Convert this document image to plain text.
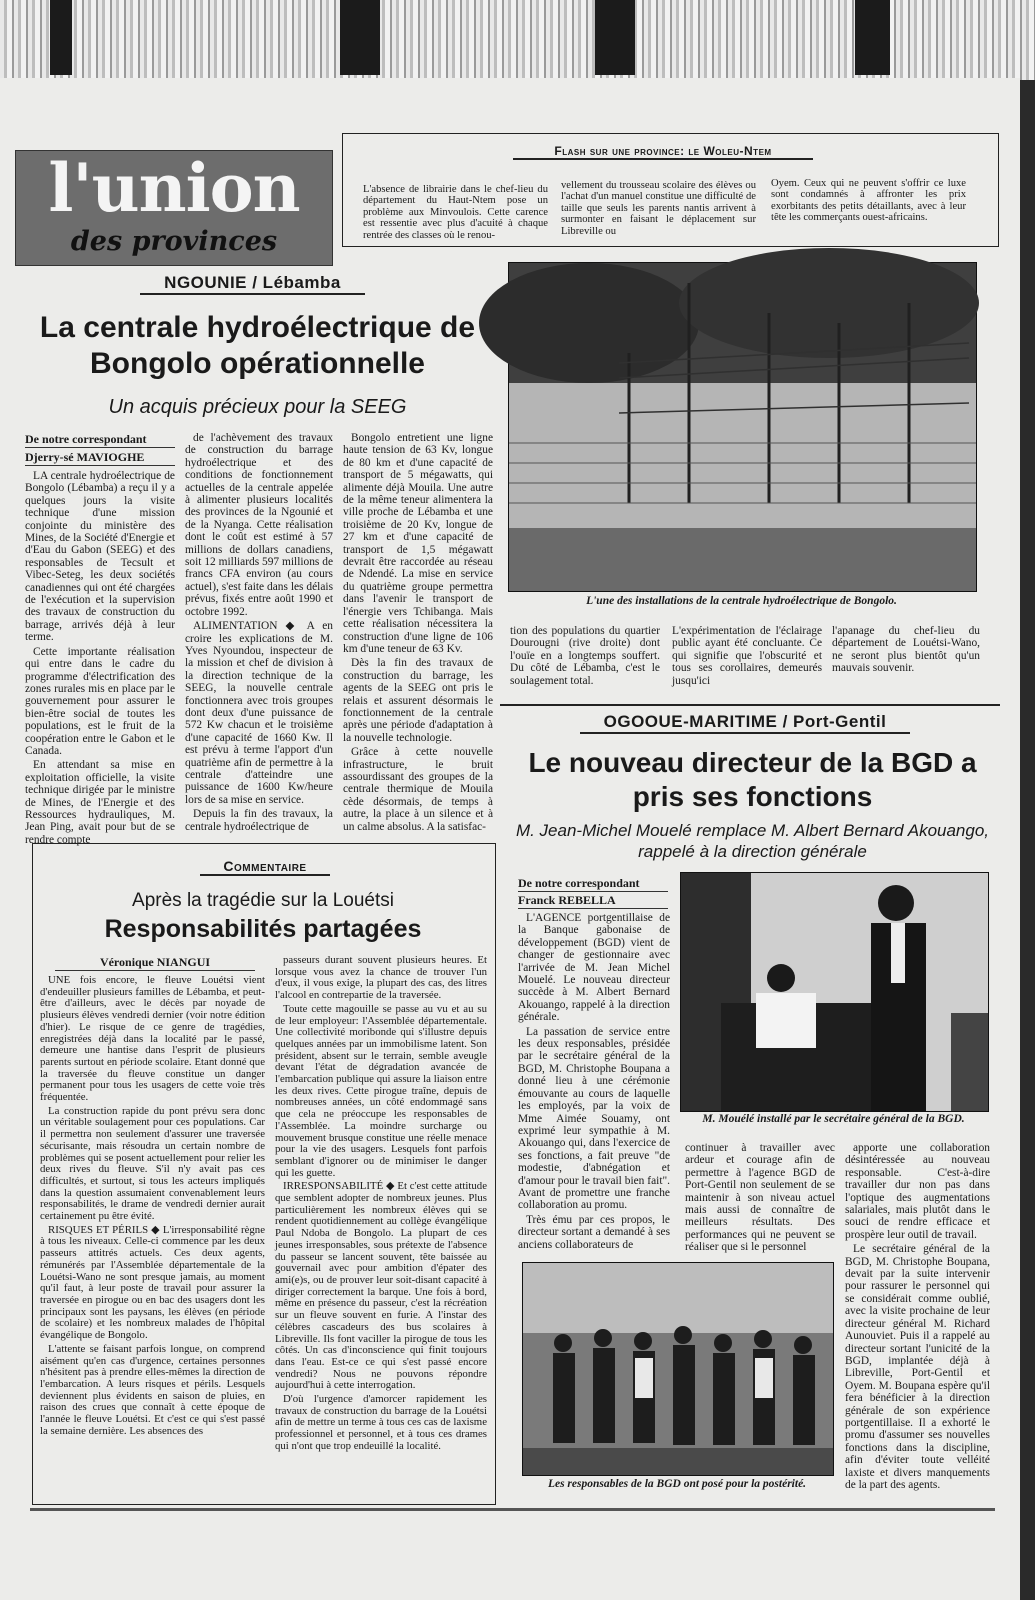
l'union
des provinces
Flash sur une province: le Woleu-Ntem
L'absence de librairie dans le chef-lieu du département du Haut-Ntem pose un problème aux Minvoulois. Cette carence est ressentie avec plus d'acuité à chaque rentrée des classes où le renou-
vellement du trousseau scolaire des élèves ou l'achat d'un manuel constitue une difficulté de taille que seuls les parents nantis arrivent à surmonter en faisant le déplacement sur Libreville ou
Oyem. Ceux qui ne peuvent s'offrir ce luxe sont condamnés à affronter les prix exorbitants des petits détaillants, avec à leur tête les commerçants ouest-africains.
NGOUNIE / Lébamba
La centrale hydroélectrique de Bongolo opérationnelle
Un acquis précieux pour la SEEG
De notre correspondant
Djerry-sé MAVIOGHE

LA centrale hydroélectrique de Bongolo (Lébamba) a reçu il y a quelques jours la visite technique d'une mission conjointe du ministère des Mines, de la Société d'Energie et d'Eau du Gabon (SEEG) et des responsables de Tecsult et Vibec-Seteg, les deux sociétés canadiennes qui ont été chargées de l'exécution et la supervision des travaux de construction du barrage, arrivés déjà à leur terme.

Cette importante réalisation qui entre dans le cadre du programme d'électrification des zones rurales mis en place par le gouvernement pour assurer le bien-être social de toutes les populations, est le fruit de la coopération entre le Gabon et le Canada.

En attendant sa mise en exploitation officielle, la visite technique dirigée par le ministre de Mines, de l'Energie et des Ressources hydrauliques, M. Jean Ping, avait pour but de se rendre compte

de l'achèvement des travaux de construction du barrage hydroélectrique et des conditions de fonctionnement actuelles de la centrale appelée à alimenter plusieurs localités des provinces de la Ngounié et de la Nyanga. Cette réalisation dont le coût est estimé à 57 millions de dollars canadiens, soit 12 milliards 597 millions de francs CFA environ (au cours actuel), s'est faite dans les délais prévus, fixés entre août 1990 et octobre 1992.

ALIMENTATION ◆ A en croire les explications de M. Yves Nyoundou, inspecteur de la mission et chef de division à la direction technique de la SEEG, la nouvelle centrale fonctionnera avec trois groupes dont deux d'une puissance de 572 Kw chacun et le troisième d'une capacité de 1660 Kw. Il est prévu à terme l'apport d'un quatrième afin de permettre à la centrale d'atteindre une puissance de 1600 Kw/heure lors de sa mise en service.

Depuis la fin des travaux, la centrale hydroélectrique de

Bongolo entretient une ligne haute tension de 63 Kv, longue de 80 km et d'une capacité de transport de 5 mégawatts, qui alimente déjà Mouila. Une autre de la même teneur alimentera la ville proche de Lébamba et une troisième de 20 Kv, longue de 27 km et d'une capacité de transport de 1,5 mégawatt devrait être raccordée au réseau de Ndendé. La mise en service du quatrième groupe permettra dans l'avenir le transport de l'énergie vers Tchibanga. Mais cette réalisation nécessitera la construction d'une ligne de 106 km d'une teneur de 63 Kv.

Dès la fin des travaux de construction du barrage, les agents de la SEEG ont pris le relais et assurent désormais le fonctionnement de la centrale après une période d'adaptation à la nouvelle technologie.

Grâce à cette nouvelle infrastructure, le bruit assourdissant des groupes de la centrale thermique de Mouila cède désormais, de temps à autre, la place à un silence et à un calme absolus. A la satisfac-

L'une des installations de la centrale hydroélectrique de Bongolo.
tion des populations du quartier Dourougni (rive droite) dont l'ouïe en a longtemps souffert. Du côté de Lébamba, c'est le soulagement total.
L'expérimentation de l'éclairage public ayant été concluante. Ce qui signifie que l'obscurité et tous ses corollaires, demeurés jusqu'ici
l'apanage du chef-lieu du département de Louétsi-Wano, ne seront plus bientôt qu'un mauvais souvenir.
Commentaire
Après la tragédie sur la Louétsi
Responsabilités partagées
Véronique NIANGUI

UNE fois encore, le fleuve Louétsi vient d'endeuiller plusieurs familles de Lébamba, et peut-être d'ailleurs, avec le décès par noyade de plusieurs élèves vendredi dernier (voir notre édition d'hier). Le risque de ce genre de tragédies, enregistrées déjà dans la localité par le passé, demeure une hantise dans l'esprit de plusieurs parents surtout en période scolaire. Etant donné que la traversée du fleuve constitue un danger permanent pour tous les usagers de cette voie très fréquentée.

La construction rapide du pont prévu sera donc un véritable soulagement pour ces populations. Car il permettra non seulement d'assurer une traversée sécurisante, mais résoudra un certain nombre de problèmes qui se posent actuellement pour relier les deux rives du fleuve. S'il n'y avait pas ces difficultés, et surtout, si tous les acteurs impliqués dans la question assumaient convenablement leurs responsabilités, le drame de vendredi dernier aurait certainement pu être évité.

RISQUES ET PÉRILS ◆ L'irresponsabilité règne à tous les niveaux. Celle-ci commence par les deux passeurs attitrés actuels. Ces deux agents, rémunérés par l'Assemblée départementale de la Louétsi-Wano ne sont presque jamais, au moment qu'il faut, à leur poste de travail pour assurer la traversée en pirogue ou en bac des usagers dont les principaux sont les paysans, les élèves (en période de scolaire) et les nombreux malades de l'hôpital évangélique de Bongolo.

L'attente se faisant parfois longue, on comprend aisément qu'en cas d'urgence, certaines personnes n'hésitent pas à prendre elles-mêmes la direction de l'embarcation. A leurs risques et périls. Lesquels deviennent plus évidents en saison de pluies, en raison des crues que connaît à cette époque de l'année le fleuve Louétsi. Et c'est ce qui s'est passé la semaine dernière. Les absences des

passeurs durant souvent plusieurs heures. Et lorsque vous avez la chance de trouver l'un d'eux, il vous exige, la plupart des cas, des litres l'alcool en contrepartie de la traversée.

Toute cette magouille se passe au vu et au su de leur employeur: l'Assemblée départementale. Une collectivité moribonde qui s'illustre depuis quelques années par un immobilisme latent. Son président, absent sur le terrain, semble aveugle devant l'état de dégradation avancée de l'embarcation publique qui assure la liaison entre les deux rives. Cette pirogue traîne, depuis de nombreuses années, un côté endommagé sans que cela ne préoccupe les responsables de l'Assemblée. La moindre surcharge ou mouvement brusque constitue une réelle menace pour la vie des usagers. Lesquels font parfois semblant d'ignorer ou de minimiser le danger qui les guette.

IRRESPONSABILITÉ ◆ Et c'est cette attitude que semblent adopter de nombreux jeunes. Plus particulièrement les nombreux élèves qui se rendent quotidiennement au collège évangélique Paul Ndoba de Bongolo. La plupart de ces jeunes irresponsables, sous prétexte de l'absence du passeur se lancent souvent, tête baissée au gouvernail avec pour ambition d'épater des ami(e)s, ou de prouver leur soit-disant capacité à diriger correctement la barque. Une fois à bord, même en présence du passeur, c'est la récréation sur un fleuve souvent en furie. A l'instar des célèbres cascadeurs des bus scolaires à Libreville. Ils font vaciller la pirogue de tous les côtés. Un cas d'inconscience qui finit toujours dans l'eau. Est-ce ce qui s'est passé encore vendredi? Nous ne pouvons répondre aujourd'hui à cette interrogation.

D'où l'urgence d'amorcer rapidement les travaux de construction du barrage de la Louétsi afin de mettre un terme à tous ces cas de laxisme professionnel et personnel, et à tous ces drames qui n'ont que trop endeuillé la localité.

OGOOUE-MARITIME / Port-Gentil
Le nouveau directeur de la BGD a pris ses fonctions
M. Jean-Michel Mouelé remplace M. Albert Bernard Akouango, rappelé à la direction générale
De notre correspondant
Franck REBELLA

L'AGENCE portgentillaise de la Banque gabonaise de développement (BGD) vient de changer de gestionnaire avec l'arrivée de M. Jean Michel Mouelé. Le nouveau directeur succède à M. Albert Bernard Akouango, rappelé à la direction générale.

La passation de service entre les deux responsables, présidée par le secrétaire général de la BGD, M. Christophe Boupana a donné lieu à une cérémonie émouvante au cours de laquelle les employés, par la voix de Mme Aimée Souamy, ont exprimé leur sympathie à M. Akouango qui, dans l'exercice de ses fonctions, a fait preuve "de modestie, d'abnégation et d'amour pour le travail bien fait". Avant de promettre une franche collaboration au promu.

Très ému par ces propos, le directeur sortant a demandé à ses anciens collaborateurs de

M. Mouélé installé par le secrétaire général de la BGD.
continuer à travailler avec ardeur et courage afin de permettre à l'agence BGD de Port-Gentil non seulement de se maintenir à son niveau actuel mais aussi de connaître de meilleurs résultats. Des performances qui ne peuvent se réaliser que si le personnel

apporte une collaboration désintéressée au nouveau responsable. C'est-à-dire travailler dur non pas dans l'optique des augmentations salariales, mais plutôt dans le souci de rendre efficace et prospère leur outil de travail.

Le secrétaire général de la BGD, M. Christophe Boupana, devait par la suite intervenir pour rassurer le personnel qui se considérait comme oublié, avec la visite prochaine de leur directeur général M. Richard Aunouviet. Puis il a rappelé au directeur sortant l'unicité de la BGD, implantée déjà à Libreville, Port-Gentil et Oyem. M. Boupana espère qu'il fera bénéficier à la direction générale de son expérience portgentillaise. Il a exhorté le promu d'assumer ses nouvelles fonctions dans la discipline, afin d'éviter toute velléité laxiste et divers manquements de la part des agents.

Les responsables de la BGD ont posé pour la postérité.
